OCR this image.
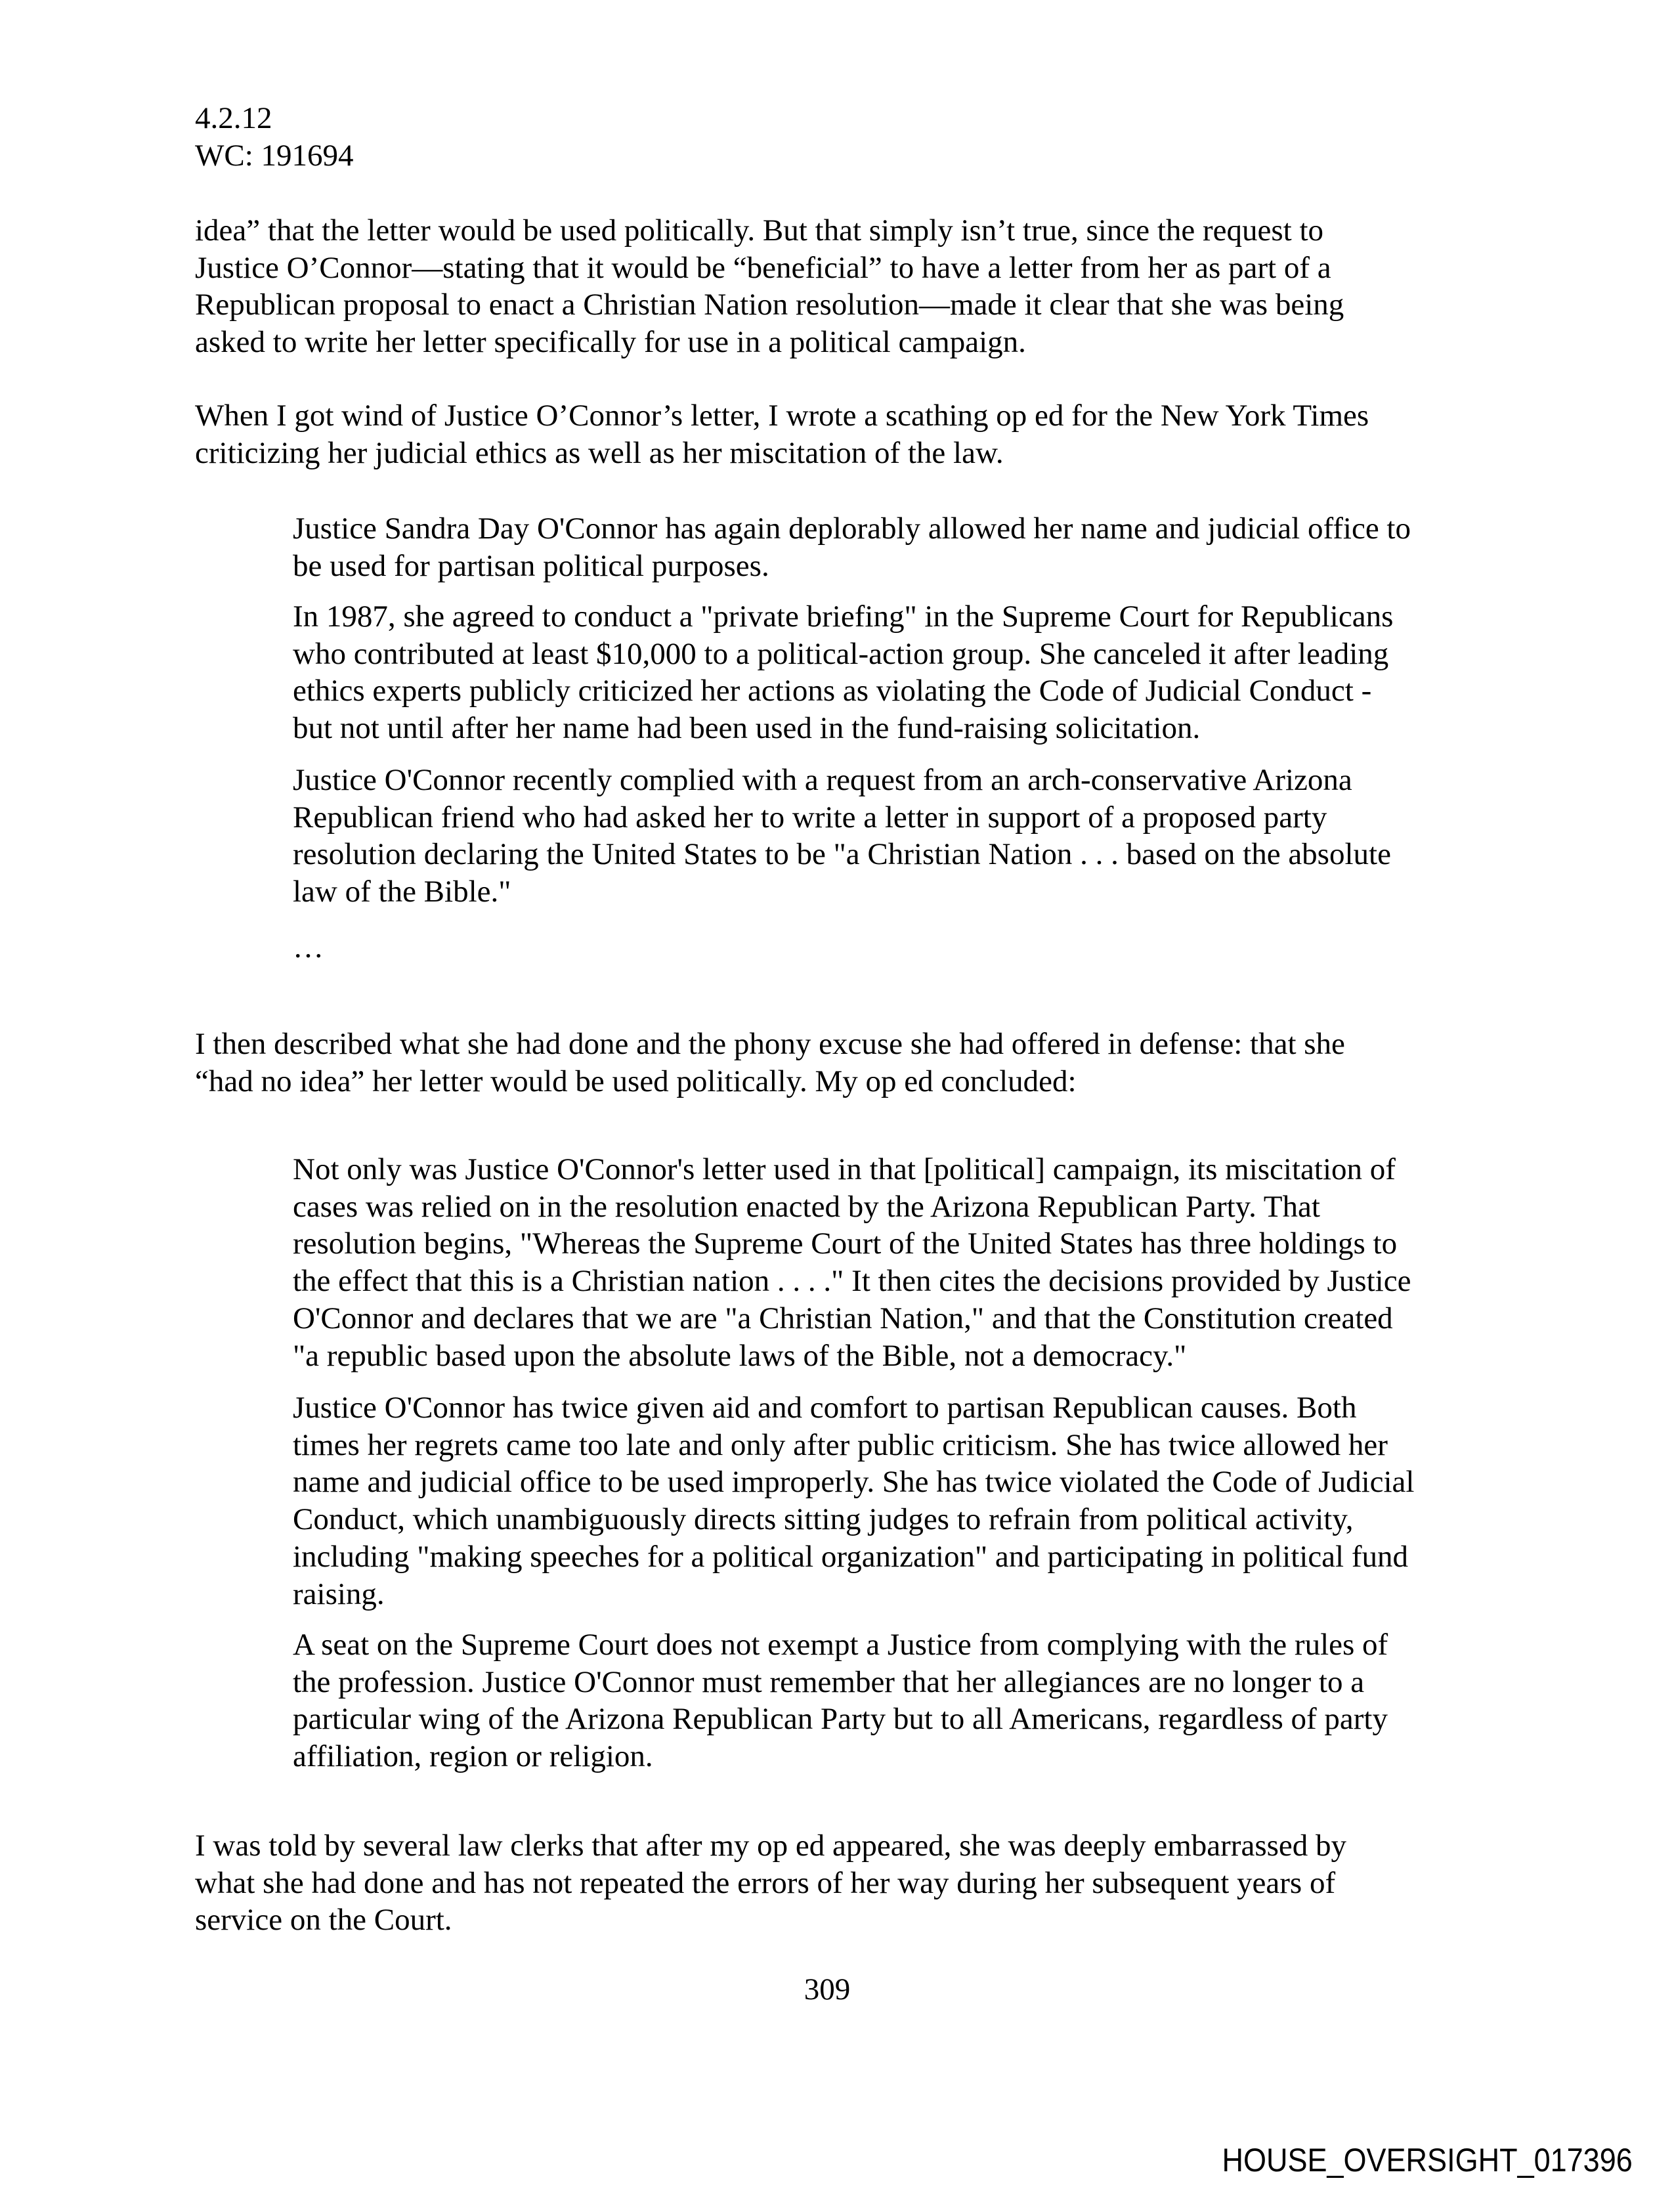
4.2.12
WC: 191694
idea” that the letter would be used politically. But that simply isn’t true, since the request to
Justice O’Connor—stating that it would be “beneficial” to have a letter from her as part of a
Republican proposal to enact a Christian Nation resolution—made it clear that she was being
asked to write her letter specifically for use in a political campaign.
When I got wind of Justice O’Connor’s letter, I wrote a scathing op ed for the New York Times
criticizing her judicial ethics as well as her miscitation of the law.
Justice Sandra Day O'Connor has again deplorably allowed her name and judicial office to
be used for partisan political purposes.
In 1987, she agreed to conduct a "private briefing" in the Supreme Court for Republicans
who contributed at least $10,000 to a political-action group. She canceled it after leading
ethics experts publicly criticized her actions as violating the Code of Judicial Conduct -
but not until after her name had been used in the fund-raising solicitation.
Justice O'Connor recently complied with a request from an arch-conservative Arizona
Republican friend who had asked her to write a letter in support of a proposed party
resolution declaring the United States to be "a Christian Nation . . . based on the absolute
law of the Bible."
…
I then described what she had done and the phony excuse she had offered in defense: that she
“had no idea” her letter would be used politically. My op ed concluded:
Not only was Justice O'Connor's letter used in that [political] campaign, its miscitation of
cases was relied on in the resolution enacted by the Arizona Republican Party. That
resolution begins, "Whereas the Supreme Court of the United States has three holdings to
the effect that this is a Christian nation . . . ." It then cites the decisions provided by Justice
O'Connor and declares that we are "a Christian Nation," and that the Constitution created
"a republic based upon the absolute laws of the Bible, not a democracy."
Justice O'Connor has twice given aid and comfort to partisan Republican causes. Both
times her regrets came too late and only after public criticism. She has twice allowed her
name and judicial office to be used improperly. She has twice violated the Code of Judicial
Conduct, which unambiguously directs sitting judges to refrain from political activity,
including "making speeches for a political organization" and participating in political fund
raising.
A seat on the Supreme Court does not exempt a Justice from complying with the rules of
the profession. Justice O'Connor must remember that her allegiances are no longer to a
particular wing of the Arizona Republican Party but to all Americans, regardless of party
affiliation, region or religion.
I was told by several law clerks that after my op ed appeared, she was deeply embarrassed by
what she had done and has not repeated the errors of her way during her subsequent years of
service on the Court.
309
HOUSE_OVERSIGHT_017396
